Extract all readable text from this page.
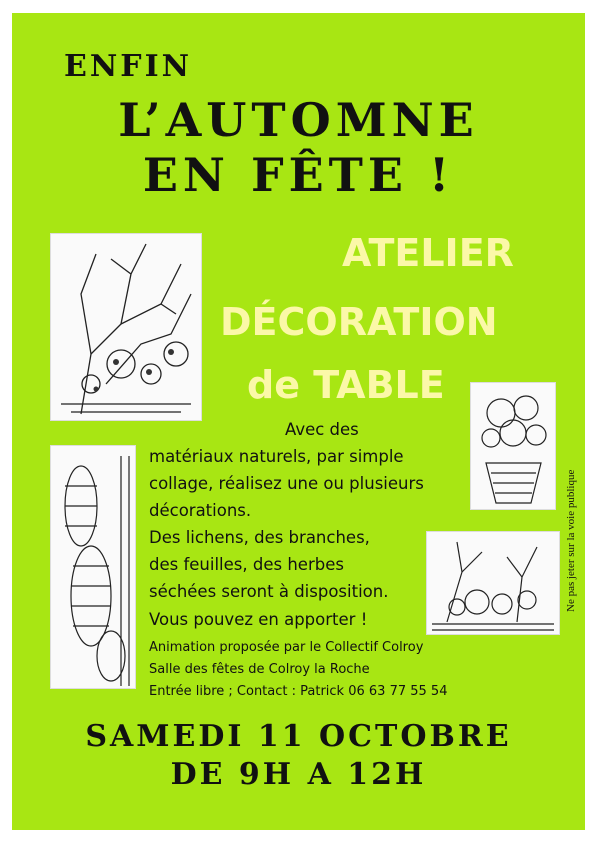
ENFIN
L’AUTOMNE
EN FÊTE !
ATELIER
DÉCORATION
de TABLE
Avec des
matériaux naturels, par simple
collage, réalisez une ou plusieurs
décorations.
Des lichens, des branches,
des feuilles, des herbes
séchées seront à disposition.
Vous pouvez en apporter !
Animation proposée par le Collectif Colroy
Salle des fêtes de Colroy la Roche
Entrée libre ; Contact : Patrick 06 63 77 55 54
SAMEDI 11 OCTOBRE
DE 9H A 12H
Ne pas jeter sur la voie publique
